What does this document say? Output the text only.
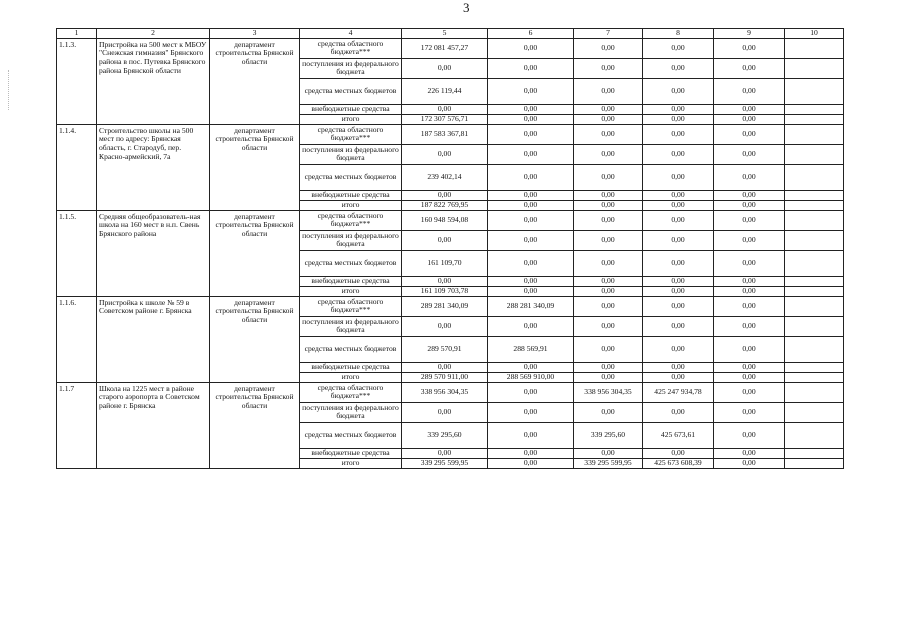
3
1	2	3	4	5	6	7	8	9	10
1.1.3.	Пристройка на 500 мест к МБОУ "Снежская гимназия" Брянского района в пос. Путевка Брянского района Брянской области	департамент строительства Брянской области	средства областного бюджета***	172 081 457,27	0,00	0,00	0,00	0,00	
			поступления из федерального бюджета	0,00	0,00	0,00	0,00	0,00	
			средства местных бюджетов	226 119,44	0,00	0,00	0,00	0,00	
			внебюджетные средства	0,00	0,00	0,00	0,00	0,00	
			итого	172 307 576,71	0,00	0,00	0,00	0,00	
1.1.4.	Строительство школы на 500 мест по адресу: Брянская область, г. Стародуб, пер. Красно-армейский, 7а	департамент строительства Брянской области	средства областного бюджета***	187 583 367,81	0,00	0,00	0,00	0,00	
			поступления из федерального бюджета	0,00	0,00	0,00	0,00	0,00	
			средства местных бюджетов	239 402,14	0,00	0,00	0,00	0,00	
			внебюджетные средства	0,00	0,00	0,00	0,00	0,00	
			итого	187 822 769,95	0,00	0,00	0,00	0,00	
1.1.5.	Средняя общеобразователь-ная школа на 160 мест в н.п. Свень Брянского района	департамент строительства Брянской области	средства областного бюджета***	160 948 594,08	0,00	0,00	0,00	0,00	
			поступления из федерального бюджета	0,00	0,00	0,00	0,00	0,00	
			средства местных бюджетов	161 109,70	0,00	0,00	0,00	0,00	
			внебюджетные средства	0,00	0,00	0,00	0,00	0,00	
			итого	161 109 703,78	0,00	0,00	0,00	0,00	
1.1.6.	Пристройка к школе № 59 в Советском районе г. Брянска	департамент строительства Брянской области	средства областного бюджета***	289 281 340,09	288 281 340,09	0,00	0,00	0,00	
			поступления из федерального бюджета	0,00	0,00	0,00	0,00	0,00	
			средства местных бюджетов	289 570,91	288 569,91	0,00	0,00	0,00	
			внебюджетные средства	0,00	0,00	0,00	0,00	0,00	
			итого	289 570 911,00	288 569 910,00	0,00	0,00	0,00	
1.1.7	Школа на 1225 мест в районе старого аэропорта в Советском районе г. Брянска	департамент строительства Брянской области	средства областного бюджета***	338 956 304,35	0,00	338 956 304,35	425 247 934,78	0,00	
			поступления из федерального бюджета	0,00	0,00	0,00	0,00	0,00	
			средства местных бюджетов	339 295,60	0,00	339 295,60	425 673,61	0,00	
			внебюджетные средства	0,00	0,00	0,00	0,00	0,00	
			итого	339 295 599,95	0,00	339 295 599,95	425 673 608,39	0,00	
